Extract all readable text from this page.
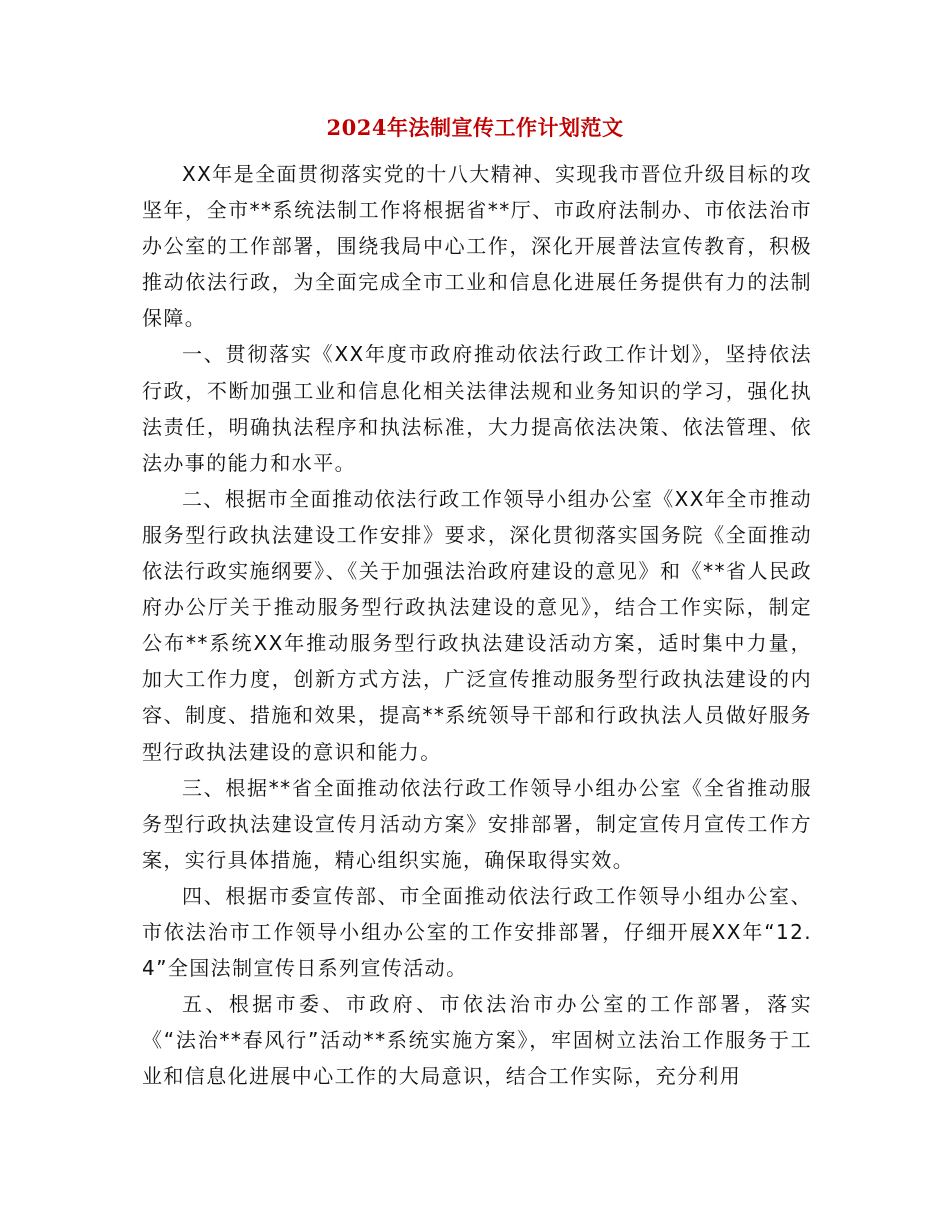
2024年法制宣传工作计划范文

XX年是全面贯彻落实党的十八大精神、实现我市晋位升级目标的攻坚年，全市**系统法制工作将根据省**厅、市政府法制办、市依法治市办公室的工作部署，围绕我局中心工作，深化开展普法宣传教育，积极推动依法行政，为全面完成全市工业和信息化进展任务提供有力的法制保障。

一、贯彻落实《XX年度市政府推动依法行政工作计划》，坚持依法行政，不断加强工业和信息化相关法律法规和业务知识的学习，强化执法责任，明确执法程序和执法标准，大力提高依法决策、依法管理、依法办事的能力和水平。

二、根据市全面推动依法行政工作领导小组办公室《XX年全市推动服务型行政执法建设工作安排》要求，深化贯彻落实国务院《全面推动依法行政实施纲要》、《关于加强法治政府建设的意见》和《**省人民政府办公厅关于推动服务型行政执法建设的意见》，结合工作实际，制定公布**系统XX年推动服务型行政执法建设活动方案，适时集中力量，加大工作力度，创新方式方法，广泛宣传推动服务型行政执法建设的内容、制度、措施和效果，提高**系统领导干部和行政执法人员做好服务型行政执法建设的意识和能力。

三、根据**省全面推动依法行政工作领导小组办公室《全省推动服务型行政执法建设宣传月活动方案》安排部署，制定宣传月宣传工作方案，实行具体措施，精心组织实施，确保取得实效。

四、根据市委宣传部、市全面推动依法行政工作领导小组办公室、市依法治市工作领导小组办公室的工作安排部署，仔细开展XX年“12.4”全国法制宣传日系列宣传活动。

五、根据市委、市政府、市依法治市办公室的工作部署，落实《“法治**春风行”活动**系统实施方案》，牢固树立法治工作服务于工业和信息化进展中心工作的大局意识，结合工作实际，充分利用
